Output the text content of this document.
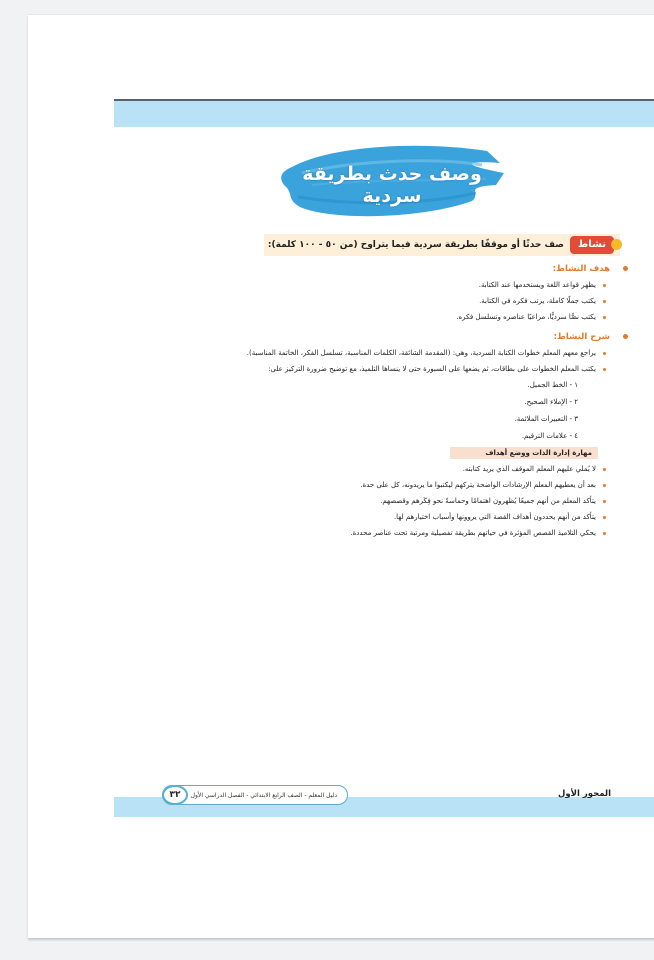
وصف حدث بطريقة سردية
نشاط
صف حدثًا أو موقفًا بطريقة سردية فيما يتراوح (من ٥٠ - ١٠٠ كلمة):
هدف النشاط:
يظهر قواعد اللغة ويستخدمها عند الكتابة.
يكتب جملًا كاملة، يرتب فكره في الكتابة.
يكتب نصًّا سرديًّا، مراعيًا عناصره وتسلسل فكره.
شرح النشاط:
يراجع معهم المعلم خطوات الكتابة السردية، وهي: (المقدمة الشائقة، الكلمات المناسبة، تسلسل الفكر، الخاتمة المناسبة).
يكتب المعلم الخطوات على بطاقات، ثم يضعها على السبورة حتى لا ينساها التلميذ، مع توضيح ضرورة التركيز على:
١ - الخط الجميل.
٢ - الإملاء الصحيح.
٣ - التعبيرات الملائمة.
٤ - علامات الترقيم.
مهارة إدارة الذات ووضع أهداف
لا يُملي عليهم المعلم الموقف الذي يريد كتابته.
بعد أن يعطيهم المعلم الإرشادات الواضحة يتركهم ليكتبوا ما يريدونه، كل على حدة.
يتأكد المعلم من أنهم جميعًا يُظهرون اهتمامًا وحماسةً نحو فِكَرهم وقصصهم.
يتأكد من أنهم يحددون أهداف القصة التي يروونها وأسباب اختيارهم لها.
يحكي التلاميذ القصص المؤثرة في حياتهم بطريقة تفصيلية ومرتبة تحت عناصر محددة.
المحور الأول
دليل المعلم - الصف الرابع الابتدائي - الفصل الدراسي الأول
٣٢
